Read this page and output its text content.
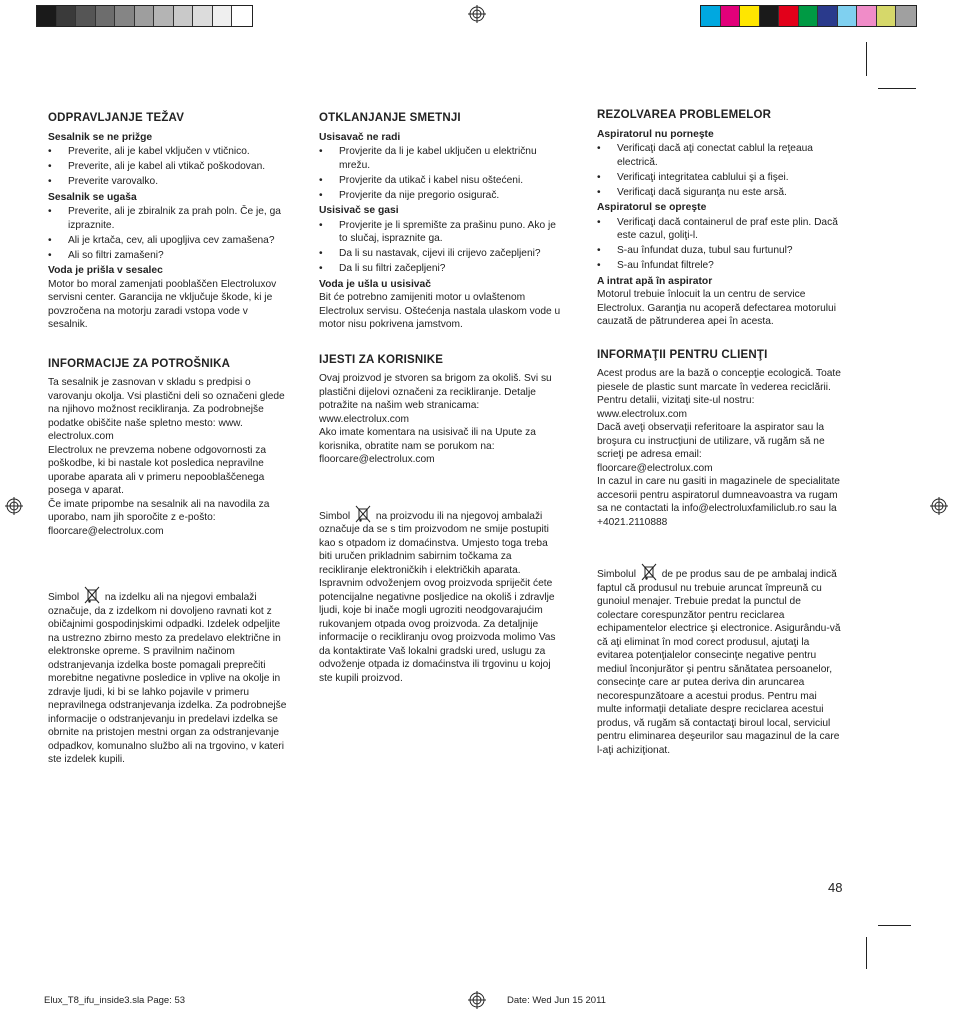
ODPRAVLJANJE TEŽAV
Sesalnik se ne prižge
• Preverite, ali je kabel vključen v vtičnico.
• Preverite, ali je kabel ali vtikač poškodovan.
• Preverite varovalko.
Sesalnik se ugaša
• Preverite, ali je zbiralnik za prah poln. Če je, ga izpraznite.
• Ali je krtača, cev, ali upogljiva cev zamašena?
• Ali so filtri zamašeni?
Voda je prišla v sesalec

Motor bo moral zamenjati pooblaščen Electroluxov servisni center. Garancija ne vključuje škode, ki je povzročena na motorju zaradi vstopa vode v sesalnik.

INFORMACIJE ZA POTROŠNIKA

Ta sesalnik je zasnovan v skladu s predpisi o varovanju okolja. Vsi plastični deli so označeni glede na njihovo možnost recikliranja. Za podrobnejše podatke obiščite naše spletno mesto: www. electrolux.com
Electrolux ne prevzema nobene odgovornosti za poškodbe, ki bi nastale kot posledica nepravilne uporabe aparata ali v primeru nepooblaščenega posega v aparat.
Če imate pripombe na sesalnik ali na navodila za uporabo, nam jih sporočite z e-pošto:
floorcare@electrolux.com

Simbol	na izdelku ali na njegovi embalaži označuje, da z izdelkom ni dovoljeno ravnati kot z običajnimi gospodinjskimi odpadki. Izdelek odpeljite na ustrezno zbirno mesto za predelavo električne in elektronske opreme. S pravilnim načinom odstranjevanja izdelka boste pomagali preprečiti morebitne negativne posledice in vplive na okolje in zdravje ljudi, ki bi se lahko pojavile v primeru nepravilnega odstranjevanja izdelka. Za podrobnejše informacije o odstranjevanju in predelavi izdelka se obrnite na pristojen mestni organ za odstranjevanje odpadkov, komunalno službo ali na trgovino, v kateri ste izdelek kupili.

OTKLANJANJE SMETNJI
Usisavač ne radi
• Provjerite da li je kabel uključen u električnu mrežu.
• Provjerite da utikač i kabel nisu oštećeni.
• Provjerite da nije pregorio osigurač.
Usisivač se gasi
• Provjerite je li spremište za prašinu puno. Ako je to slučaj, ispraznite ga.
• Da li su nastavak, cijevi ili crijevo začepljeni?
• Da li su filtri začepljeni?
Voda je ušla u usisivač

Bit će potrebno zamijeniti motor u ovlaštenom Electrolux servisu. Oštećenja nastala ulaskom vode u motor nisu pokrivena jamstvom.

IJESTI ZA KORISNIKE

Ovaj proizvod je stvoren sa brigom za okoliš. Svi su plastični dijelovi označeni za recikliranje. Detalje potražite na našim web stranicama: www.electrolux.com
Ako imate komentara na usisivač ili na Upute za korisnika, obratite nam se porukom na: floorcare@electrolux.com

Simbol	na proizvodu ili na njegovoj ambalaži označuje da se s tim proizvodom ne smije postupiti kao s otpadom iz domaćinstva. Umjesto toga treba biti uručen prikladnim sabirnim točkama za recikliranje elektroničkih i električkih aparata. Ispravnim odvoženjem ovog proizvoda spriječit ćete potencijalne negativne posljedice na okoliš i zdravlje ljudi, koje bi inače mogli ugroziti neodgovarajućim rukovanjem otpada ovog proizvoda. Za detaljnije informacije o recikliranju ovog proizvoda molimo Vas da kontaktirate Vaš lokalni gradski ured, uslugu za odvoženje otpada iz domaćinstva ili trgovinu u kojoj ste kupili proizvod.

REZOLVAREA PROBLEMELOR
Aspiratorul nu porneşte
• Verificaţi dacă aţi conectat cablul la reţeaua electrică.
• Verificaţi integritatea cablului şi a fişei.
• Verificaţi dacă siguranţa nu este arsă.
Aspiratorul se opreşte
• Verificaţi dacă containerul de praf este plin. Dacă este cazul, goliţi-l.
• S-au înfundat duza, tubul sau furtunul?
• S-au înfundat filtrele?
A intrat apă în aspirator

Motorul trebuie înlocuit la un centru de service Electrolux. Garanţia nu acoperă defectarea motorului cauzată de pătrunderea apei în acesta.

INFORMAŢII PENTRU CLIENŢI

Acest produs are la bază o concepţie ecologică. Toate piesele de plastic sunt marcate în vederea reciclării. Pentru detalii, vizitaţi site-ul nostru: www.electrolux.com
Dacă aveţi observaţii referitoare la aspirator sau la broşura cu instrucţiuni de utilizare, vă rugăm să ne scrieţi pe adresa email:
floorcare@electrolux.com
In cazul in care nu gasiti in magazinele de specialitate accesorii pentru aspiratorul dumneavoastra va rugam sa ne contactati la info@electroluxfamiliclub.ro sau la
+4021.2110888

Simbolul	de pe produs sau de pe ambalaj indică faptul că produsul nu trebuie aruncat împreună cu gunoiul menajer. Trebuie predat la punctul de colectare corespunzător pentru reciclarea echipamentelor electrice şi electronice. Asigurându-vă că aţi eliminat în mod corect produsul, ajutaţi la evitarea potenţialelor consecinţe negative pentru mediul înconjurător şi pentru sănătatea persoanelor, consecinţe care ar putea deriva din aruncarea necorespunzătoare a acestui produs. Pentru mai multe informaţii detaliate despre reciclarea acestui produs, vă rugăm să contactaţi biroul local, serviciul pentru eliminarea deşeurilor sau magazinul de la care l-aţi achiziţionat.

48
Elux_T8_ifu_inside3.sla Page: 53	Date: Wed Jun 15 2011
